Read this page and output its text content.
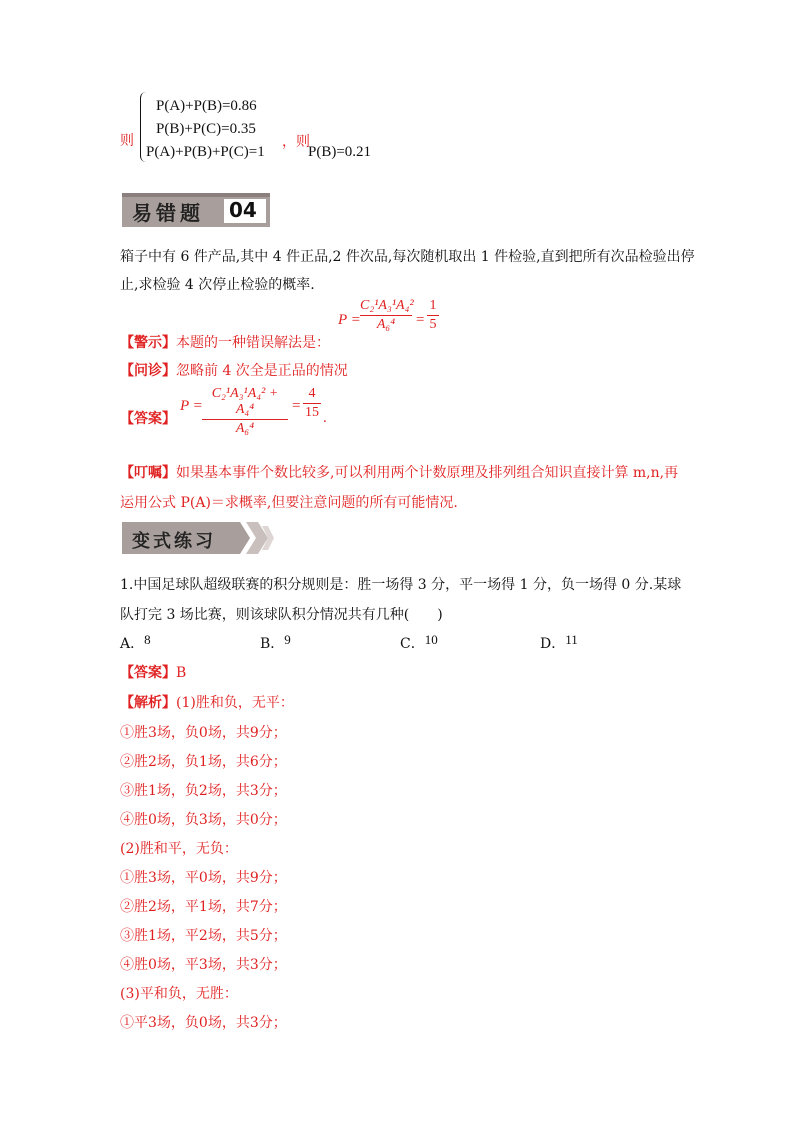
则
P(A)+P(B)=0.86
P(B)+P(C)=0.35
P(A)+P(B)+P(C)=1
，则
P(B)=0.21
易错题 04
箱子中有 6 件产品,其中 4 件正品,2 件次品,每次随机取出 1 件检验,直到把所有次品检验出停
止,求检验 4 次停止检验的概率.
P =
C₂¹A₃¹A₄²
A₆⁴	=
1
5
【警示】本题的一种错误解法是：
【问诊】忽略前 4 次全是正品的情况
【答案】
P =
C₂¹A₃¹A₄² + A₄⁴
A₆⁴
=
4
15 .
【叮嘱】如果基本事件个数比较多,可以利用两个计数原理及排列组合知识直接计算 m,n,再
运用公式 P(A)＝求概率,但要注意问题的所有可能情况.
变式练习
1.中国足球队超级联赛的积分规则是：胜一场得 3 分，平一场得 1 分，负一场得 0 分.某球
队打完 3 场比赛，则该球队积分情况共有几种(　　)
A．8	B．9	C．10	D．11
【答案】B
【解析】(1)胜和负，无平：
①胜3场，负0场，共9分；
②胜2场，负1场，共6分；
③胜1场，负2场，共3分；
④胜0场，负3场，共0分；
(2)胜和平，无负：
①胜3场，平0场，共9分；
②胜2场，平1场，共7分；
③胜1场，平2场，共5分；
④胜0场，平3场，共3分；
(3)平和负，无胜：
①平3场，负0场，共3分；
